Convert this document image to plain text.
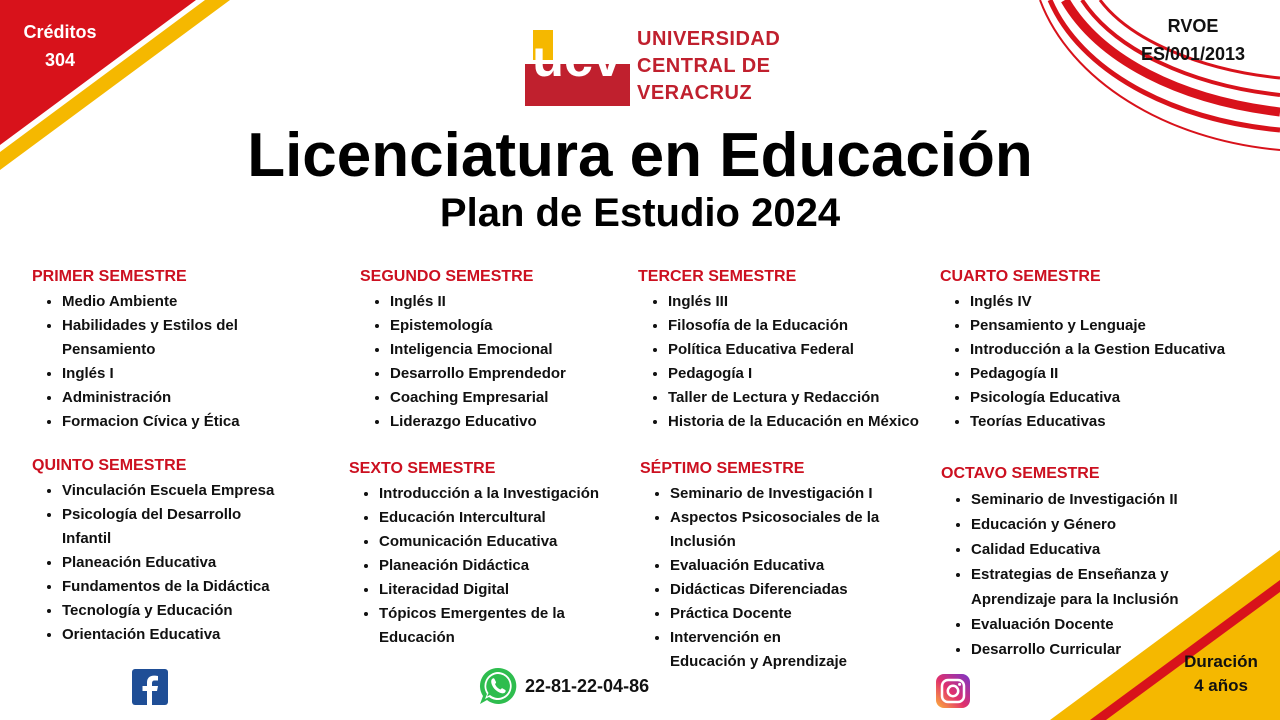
Créditos
304
RVOE
ES/001/2013
Duración
4 años
ucv UNIVERSIDAD
CENTRAL DE
VERACRUZ
Licenciatura en Educación
Plan de Estudio 2024

PRIMER SEMESTRE

• Medio Ambiente
• Habilidades y Estilos del Pensamiento
• Inglés I
• Administración
• Formacion Cívica y Ética

SEGUNDO SEMESTRE

• Inglés II
• Epistemología
• Inteligencia Emocional
• Desarrollo Emprendedor
• Coaching Empresarial
• Liderazgo Educativo

TERCER SEMESTRE

• Inglés III
• Filosofía de la Educación
• Política Educativa Federal
• Pedagogía I
• Taller de Lectura y Redacción
• Historia de la Educación en México

CUARTO SEMESTRE

• Inglés IV
• Pensamiento y Lenguaje
• Introducción a la Gestion Educativa
• Pedagogía II
• Psicología Educativa
• Teorías Educativas

QUINTO SEMESTRE

• Vinculación Escuela Empresa
• Psicología del Desarrollo Infantil
• Planeación Educativa
• Fundamentos de la Didáctica
• Tecnología y Educación
• Orientación Educativa

SEXTO SEMESTRE

• Introducción a la Investigación
• Educación Intercultural
• Comunicación Educativa
• Planeación Didáctica
• Literacidad Digital
• Tópicos Emergentes de la Educación

SÉPTIMO SEMESTRE

• Seminario de Investigación I
• Aspectos Psicosociales de la Inclusión
• Evaluación Educativa
• Didácticas Diferenciadas
• Práctica Docente
• Intervención en Educación y Aprendizaje

OCTAVO SEMESTRE

• Seminario de Investigación II
• Educación y Género
• Calidad Educativa
• Estrategias de Enseñanza y Aprendizaje para la Inclusión
• Evaluación Docente
• Desarrollo Curricular
22-81-22-04-86
